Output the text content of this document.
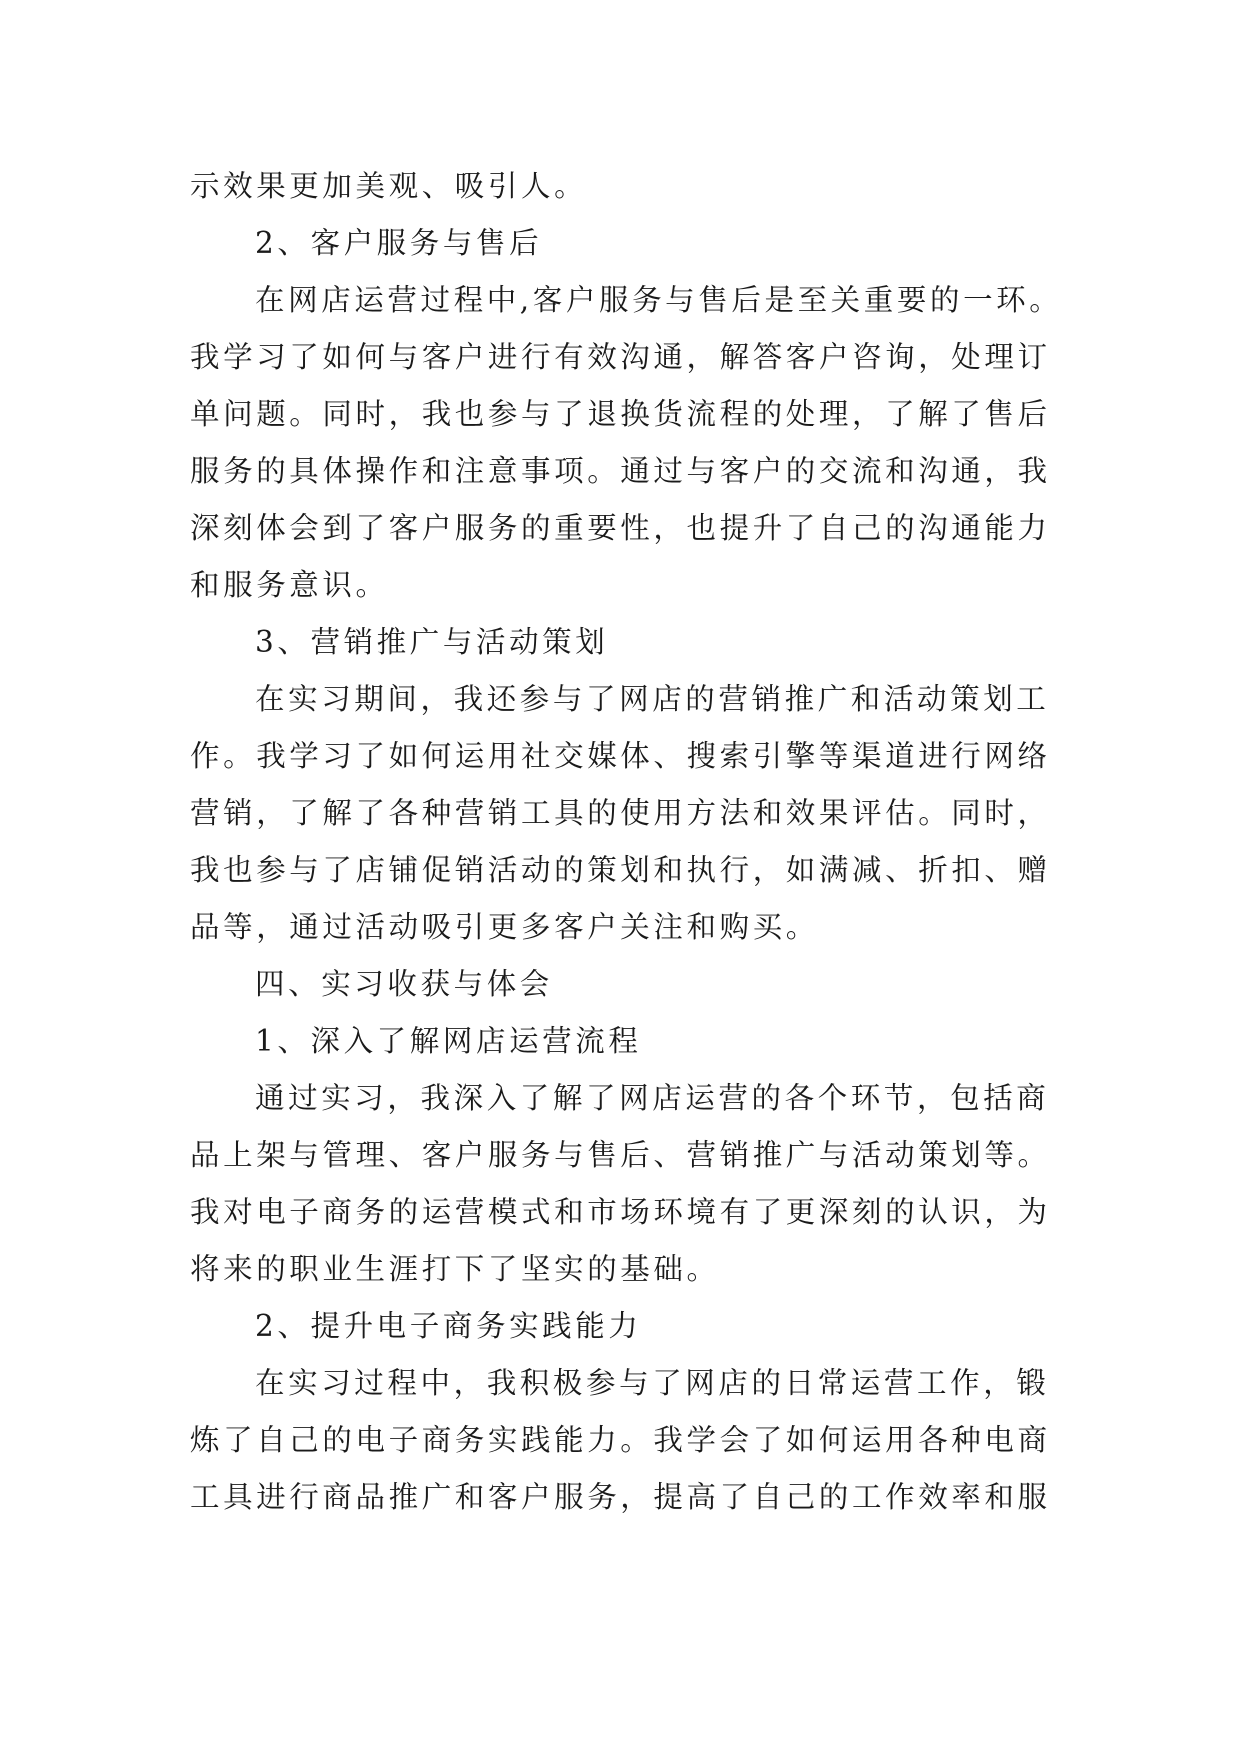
示效果更加美观、吸引人。
2、客户服务与售后
在网店运营过程中,客户服务与售后是至关重要的一环。
我学习了如何与客户进行有效沟通，解答客户咨询，处理订
单问题。同时，我也参与了退换货流程的处理，了解了售后
服务的具体操作和注意事项。通过与客户的交流和沟通，我
深刻体会到了客户服务的重要性，也提升了自己的沟通能力
和服务意识。
3、营销推广与活动策划
在实习期间，我还参与了网店的营销推广和活动策划工
作。我学习了如何运用社交媒体、搜索引擎等渠道进行网络
营销，了解了各种营销工具的使用方法和效果评估。同时，
我也参与了店铺促销活动的策划和执行，如满减、折扣、赠
品等，通过活动吸引更多客户关注和购买。
四、实习收获与体会
1、深入了解网店运营流程
通过实习，我深入了解了网店运营的各个环节，包括商
品上架与管理、客户服务与售后、营销推广与活动策划等。
我对电子商务的运营模式和市场环境有了更深刻的认识，为
将来的职业生涯打下了坚实的基础。
2、提升电子商务实践能力
在实习过程中，我积极参与了网店的日常运营工作，锻
炼了自己的电子商务实践能力。我学会了如何运用各种电商
工具进行商品推广和客户服务，提高了自己的工作效率和服
